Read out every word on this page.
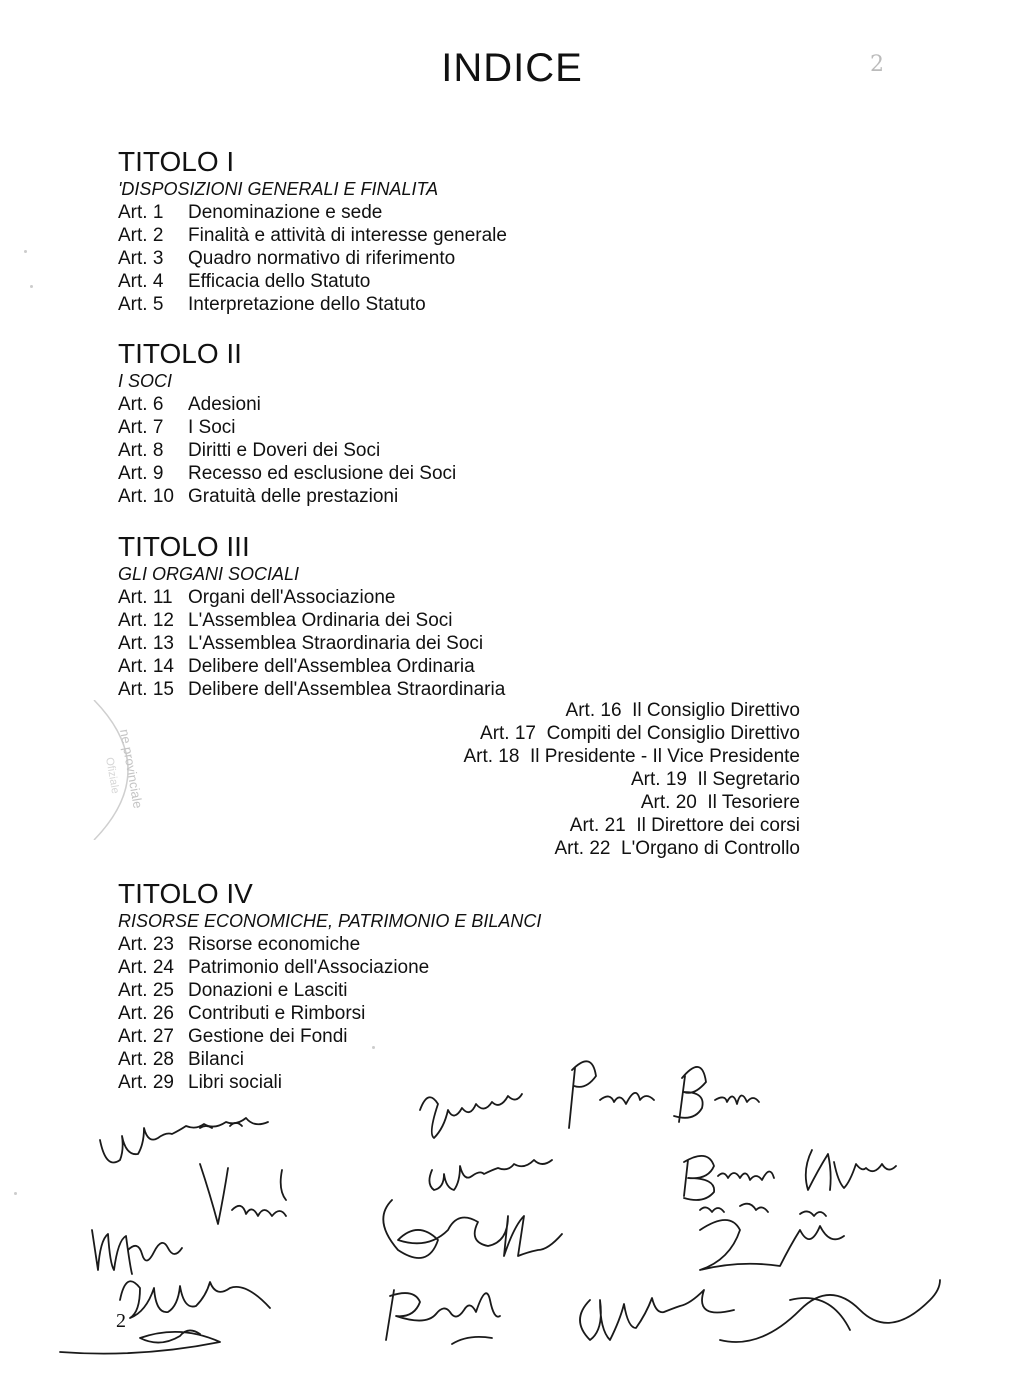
INDICE	2
TITOLO I
'DISPOSIZIONI GENERALI E FINALITA
Art. 1 Denominazione e sede
Art. 2 Finalità e attività di interesse generale
Art. 3 Quadro normativo di riferimento
Art. 4 Efficacia dello Statuto
Art. 5 Interpretazione dello Statuto
TITOLO II
I SOCI
Art. 6 Adesioni
Art. 7 I Soci
Art. 8 Diritti e Doveri dei Soci
Art. 9 Recesso ed esclusione dei Soci
Art. 10 Gratuità delle prestazioni
TITOLO III
GLI ORGANI SOCIALI
Art. 11 Organi dell'Associazione
Art. 12 L'Assemblea Ordinaria dei Soci
Art. 13 L'Assemblea Straordinaria dei Soci
Art. 14 Delibere dell'Assemblea Ordinaria
Art. 15 Delibere dell'Assemblea Straordinaria
ne provinciale
Ofiziale
Art. 16 Il Consiglio Direttivo
Art. 17 Compiti del Consiglio Direttivo
Art. 18 Il Presidente - Il Vice Presidente
Art. 19 Il Segretario
Art. 20 Il Tesoriere
Art. 21 Il Direttore dei corsi
Art. 22 L'Organo di Controllo
TITOLO IV
RISORSE ECONOMICHE, PATRIMONIO E BILANCI
Art. 23 Risorse economiche
Art. 24 Patrimonio dell'Associazione
Art. 25 Donazioni e Lasciti
Art. 26 Contributi e Rimborsi
Art. 27 Gestione dei Fondi
Art. 28 Bilanci
Art. 29 Libri sociali
2
